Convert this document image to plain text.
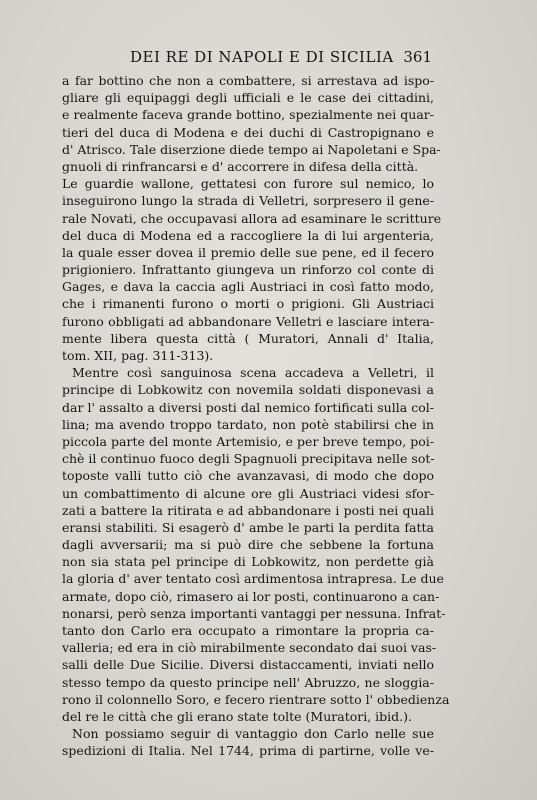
DEI RE DI NAPOLI E DI SICILIA 361
a far bottino che non a combattere, si arrestava ad ispo-
gliare gli equipaggi degli ufficiali e le case dei cittadini,
e realmente faceva grande bottino, spezialmente nei quar-
tieri del duca di Modena e dei duchi di Castropignano e
d' Atrisco. Tale diserzione diede tempo ai Napoletani e Spa-
gnuoli di rinfrancarsi e d' accorrere in difesa della città.
Le guardie wallone, gettatesi con furore sul nemico, lo
inseguirono lungo la strada di Velletri, sorpresero il gene-
rale Novati, che occupavasi allora ad esaminare le scritture
del duca di Modena ed a raccogliere la di lui argenteria,
la quale esser dovea il premio delle sue pene, ed il fecero
prigioniero. Infrattanto giungeva un rinforzo col conte di
Gages, e dava la caccia agli Austriaci in così fatto modo,
che i rimanenti furono o morti o prigioni. Gli Austriaci
furono obbligati ad abbandonare Velletri e lasciare intera-
mente libera questa città ( Muratori, Annali d' Italia,
tom. XII, pag. 311-313).
Mentre così sanguinosa scena accadeva a Velletri, il
principe di Lobkowitz con novemila soldati disponevasi a
dar l' assalto a diversi posti dal nemico fortificati sulla col-
lina; ma avendo troppo tardato, non potè stabilirsi che in
piccola parte del monte Artemisio, e per breve tempo, poi-
chè il continuo fuoco degli Spagnuoli precipitava nelle sot-
toposte valli tutto ciò che avanzavasi, di modo che dopo
un combattimento di alcune ore gli Austriaci videsi sfor-
zati a battere la ritirata e ad abbandonare i posti nei quali
eransi stabiliti. Si esagerò d' ambe le parti la perdita fatta
dagli avversarii; ma si può dire che sebbene la fortuna
non sia stata pel principe di Lobkowitz, non perdette già
la gloria d' aver tentato così ardimentosa intrapresa. Le due
armate, dopo ciò, rimasero ai lor posti, continuarono a can-
nonarsi, però senza importanti vantaggi per nessuna. Infrat-
tanto don Carlo era occupato a rimontare la propria ca-
valleria; ed era in ciò mirabilmente secondato dai suoi vas-
salli delle Due Sicilie. Diversi distaccamenti, inviati nello
stesso tempo da questo principe nell' Abruzzo, ne sloggia-
rono il colonnello Soro, e fecero rientrare sotto l' obbedienza
del re le città che gli erano state tolte (Muratori, ibid.).
Non possiamo seguir di vantaggio don Carlo nelle sue
spedizioni di Italia. Nel 1744, prima di partirne, volle ve-
